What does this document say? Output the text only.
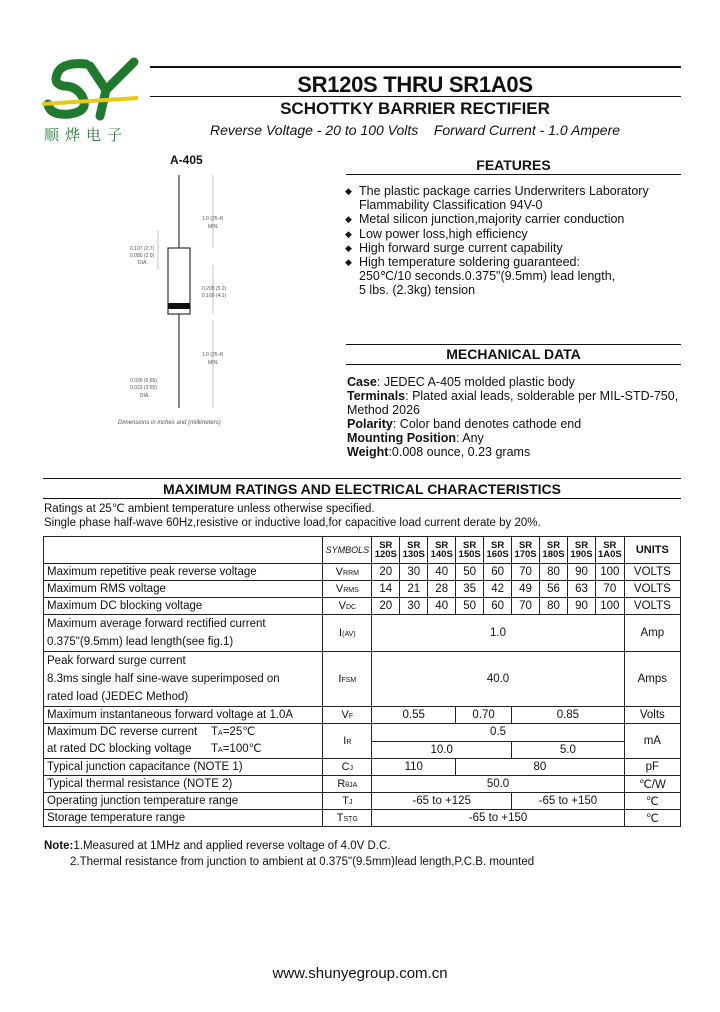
顺烨电子
SR120S THRU SR1A0S
SCHOTTKY BARRIER RECTIFIER
Reverse Voltage - 20 to 100 Volts    Forward Current - 1.0 Ampere
A-405
1.0 (25.4)
MIN.
0.107 (2.7)
0.080 (2.0)
DIA.
0.205 (5.2)
0.160 (4.1)
1.0 (25.4)
MIN.
0.026 (0.65)
0.023 (0.55)
DIA.
Dimensions in inches and (millimeters)
FEATURES
◆ The plastic package carries Underwriters Laboratory
Flammability Classification 94V-0
◆ Metal silicon junction,majority carrier conduction
◆ Low power loss,high efficiency
◆ High forward surge current capability
◆ High temperature soldering guaranteed:
250℃/10 seconds.0.375"(9.5mm) lead length,
5 lbs. (2.3kg) tension
MECHANICAL DATA
Case: JEDEC A-405 molded plastic body
Terminals: Plated axial leads, solderable per MIL-STD-750,
Method 2026
Polarity: Color band denotes cathode end
Mounting Position: Any
Weight:0.008 ounce, 0.23 grams
MAXIMUM RATINGS AND ELECTRICAL CHARACTERISTICS
Ratings at 25℃ ambient temperature unless otherwise specified.
Single phase half-wave 60Hz,resistive or inductive load,for capacitive load current derate by 20%.
	SYMBOLS	SR
120S	SR
130S	SR
140S	SR
150S	SR
160S	SR
170S	SR
180S	SR
190S	SR
1A0S	UNITS
Maximum repetitive peak reverse voltage	VRRM	20	30	40	50	60	70	80	90	100	VOLTS
Maximum RMS voltage	VRMS	14	21	28	35	42	49	56	63	70	VOLTS
Maximum DC blocking voltage	VDC	20	30	40	50	60	70	80	90	100	VOLTS

Maximum average forward rectified current
0.375"(9.5mm) lead length(see fig.1)	I(AV)	1.0									Amp

Peak forward surge current
8.3ms single half sine-wave superimposed on
rated load (JEDEC Method)	IFSM	40.0									Amps
Maximum instantaneous forward voltage at 1.0A	VF	0.55			0.70		0.85				Volts

Maximum DC reverse current TA=25℃
at rated DC blocking voltage TA=100℃	IR	0.5									mA
		10.0					5.0				
Typical junction capacitance (NOTE 1)	CJ	110			80						pF
Typical thermal resistance (NOTE 2)	RθJA	50.0									℃/W
Operating junction temperature range	TJ	-65 to +125					-65 to +150				℃
Storage temperature range	TSTG	-65 to +150									℃
Note:1.Measured at 1MHz and applied reverse voltage of 4.0V D.C.
2.Thermal resistance from junction to ambient at 0.375"(9.5mm)lead length,P.C.B. mounted
www.shunyegroup.com.cn
